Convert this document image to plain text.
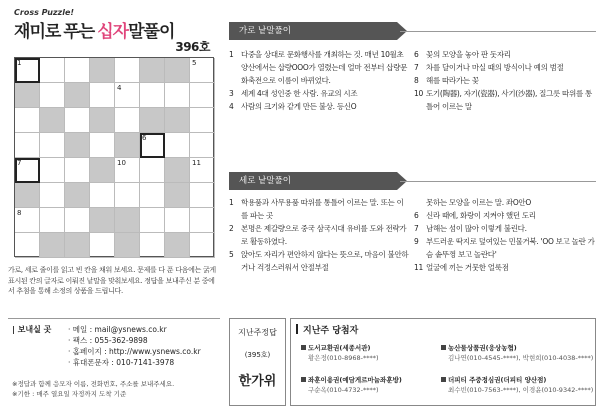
Cross Puzzle!
재미로 푸는 십자말풀이
396호
1	5
4
6
7	10	11
8
가로, 세로 줄이를 읽고 빈 칸을 채워 보세요. 문제를 다 푼 다음에는 굵게 표시된 칸의 글자로 이뤄진 낱말을 맞춰보세요. 정답을 보내주신 분 중에서 추첨을 통해 소정의 상품을 드립니다.
| 보내실 곳 · 메일 : mail@ysnews.co.kr
· 팩스 : 055-362-9898
· 홈페이지 : http://www.ysnews.co.kr
· 휴대폰문자 : 010-7141-3978
※정답과 함께 응모자 이름, 전화번호, 주소를 보내주세요.
※기한 : 매주 열요일 자정까지 도착 기준
가로 낱말풀이
1	다중을 상대로 문화행사를 개최하는 것. 매년 10월초 양산에서는 삽량OOO가 열렸는데 얼마 전부터 삽량문화축전으로 이름이 바뀌었다.
3	세계 4대 성인중 한 사람. 유교의 시조
4	사람의 크기와 같게 만든 불상. 등신O
6	꽃의 모양을 놓아 판 돗자리
7	차를 달이거나 마실 때의 방식이나 예의 범절
8	해를 따라가는 꽃
10 도기(陶器), 자기(瓷器), 사기(沙器), 질그릇 따위를 통틀어 이르는 말
세로 낱말풀이
1	학용품과 사무용품 따위를 통틀어 이르는 말. 또는 이를 파는 곳
2	본명은 제갈량으로 중국 삼국시대 유비를 도와 전략가로 활동하였다.
5	앉아도 자리가 편안하지 않다는 뜻으로, 마음이 불안하거나 걱정스러워서 안절부절
못하는 모양을 이르는 말. 좌O안O
6	신라 때에, 화랑이 지켜야 했던 도리
7	남해는 섬이 많아 이렇게 불린다.
9	부드러운 딱지로 덮여있는 민물거북. 'OO 보고 놀란 가슴 솥뚜껑 보고 놀란다'
11 얼굴에 끼는 거뭇한 얼룩점
지난주정답
(395호)
한가위
지난주 당첨자
도서교환권(세종서관)
황은정(010-8968-****)
농산물상품권(웅상농협)
김나연(010-4545-****), 박현희(010-4038-****)
좌훈이용권(예담게르마늄좌훈방)
구순옥(010-4732-****)
더피티 주중정심권(더피티 양산점)
최수빈(010-7563-****), 이경윤(010-9342-****)
